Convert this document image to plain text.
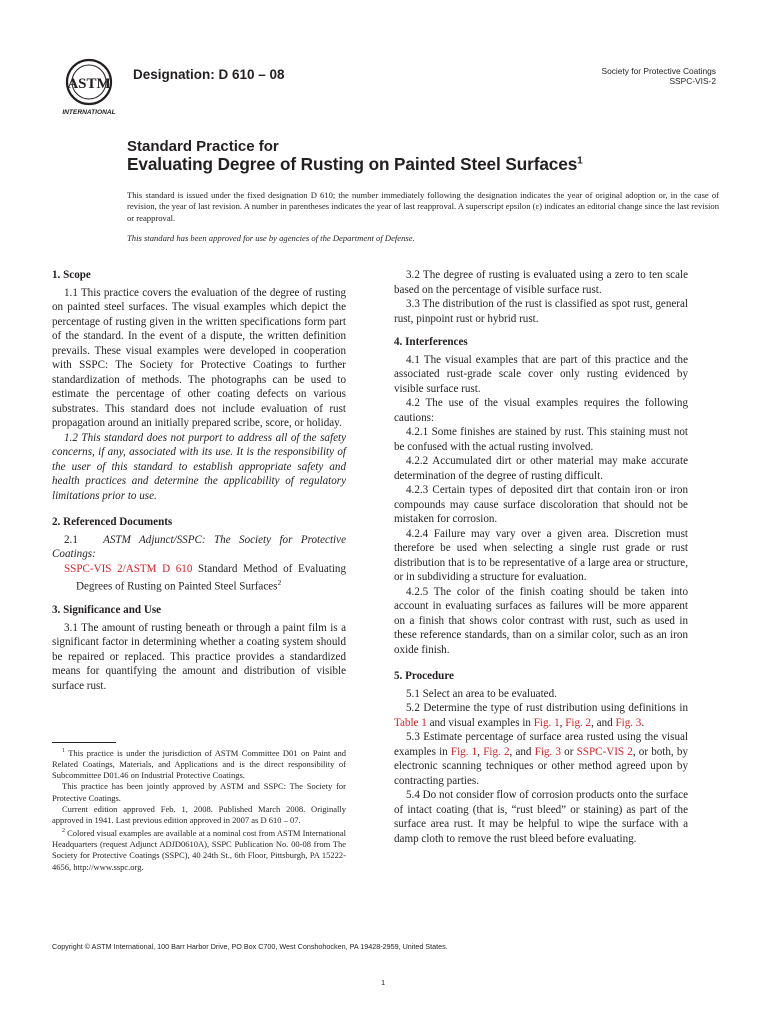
ASTM
INTERNATIONAL
Designation: D 610 – 08	Society for Protective Coatings
SSPC-VIS-2
Standard Practice for
Evaluating Degree of Rusting on Painted Steel Surfaces$^1$
This standard is issued under the fixed designation D 610; the number immediately following the designation indicates the year of original adoption or, in the case of revision, the year of last revision. A number in parentheses indicates the year of last reapproval. A superscript epsilon (ε) indicates an editorial change since the last revision or reapproval.
This standard has been approved for use by agencies of the Department of Defense.
1. Scope

1.1 This practice covers the evaluation of the degree of rusting on painted steel surfaces. The visual examples which depict the percentage of rusting given in the written specifications form part of the standard. In the event of a dispute, the written definition prevails. These visual examples were developed in cooperation with SSPC: The Society for Protective Coatings to further standardization of methods. The photographs can be used to estimate the percentage of other coating defects on various substrates. This standard does not include evaluation of rust propagation around an initially prepared scribe, score, or holiday.

1.2 This standard does not purport to address all of the safety concerns, if any, associated with its use. It is the responsibility of the user of this standard to establish appropriate safety and health practices and determine the applicability of regulatory limitations prior to use.

2. Referenced Documents

2.1 ASTM Adjunct/SSPC: The Society for Protective Coatings:

SSPC-VIS 2/ASTM D 610 Standard Method of Evaluating Degrees of Rusting on Painted Steel Surfaces$^2$

3. Significance and Use

3.1 The amount of rusting beneath or through a paint film is a significant factor in determining whether a coating system should be repaired or replaced. This practice provides a standardized means for quantifying the amount and distribution of visible surface rust.

$^1$ This practice is under the jurisdiction of ASTM Committee D01 on Paint and Related Coatings, Materials, and Applications and is the direct responsibility of Subcommittee D01.46 on Industrial Protective Coatings.

This practice has been jointly approved by ASTM and SSPC: The Society for Protective Coatings.

Current edition approved Feb. 1, 2008. Published March 2008. Originally approved in 1941. Last previous edition approved in 2007 as D 610 – 07.

$^2$ Colored visual examples are available at a nominal cost from ASTM International Headquarters (request Adjunct ADJD0610A), SSPC Publication No. 00-08 from The Society for Protective Coatings (SSPC), 40 24th St., 6th Floor, Pittsburgh, PA 15222-4656, http://www.sspc.org.

3.2 The degree of rusting is evaluated using a zero to ten scale based on the percentage of visible surface rust.

3.3 The distribution of the rust is classified as spot rust, general rust, pinpoint rust or hybrid rust.

4. Interferences

4.1 The visual examples that are part of this practice and the associated rust-grade scale cover only rusting evidenced by visible surface rust.

4.2 The use of the visual examples requires the following cautions:

4.2.1 Some finishes are stained by rust. This staining must not be confused with the actual rusting involved.

4.2.2 Accumulated dirt or other material may make accurate determination of the degree of rusting difficult.

4.2.3 Certain types of deposited dirt that contain iron or iron compounds may cause surface discoloration that should not be mistaken for corrosion.

4.2.4 Failure may vary over a given area. Discretion must therefore be used when selecting a single rust grade or rust distribution that is to be representative of a large area or structure, or in subdividing a structure for evaluation.

4.2.5 The color of the finish coating should be taken into account in evaluating surfaces as failures will be more apparent on a finish that shows color contrast with rust, such as used in these reference standards, than on a similar color, such as an iron oxide finish.

5. Procedure

5.1 Select an area to be evaluated.

5.2 Determine the type of rust distribution using definitions in Table 1 and visual examples in Fig. 1, Fig. 2, and Fig. 3.

5.3 Estimate percentage of surface area rusted using the visual examples in Fig. 1, Fig. 2, and Fig. 3 or SSPC-VIS 2, or both, by electronic scanning techniques or other method agreed upon by contracting parties.

5.4 Do not consider flow of corrosion products onto the surface of intact coating (that is, “rust bleed” or staining) as part of the surface area rust. It may be helpful to wipe the surface with a damp cloth to remove the rust bleed before evaluating.

Copyright © ASTM International, 100 Barr Harbor Drive, PO Box C700, West Conshohocken, PA 19428-2959, United States.
1
